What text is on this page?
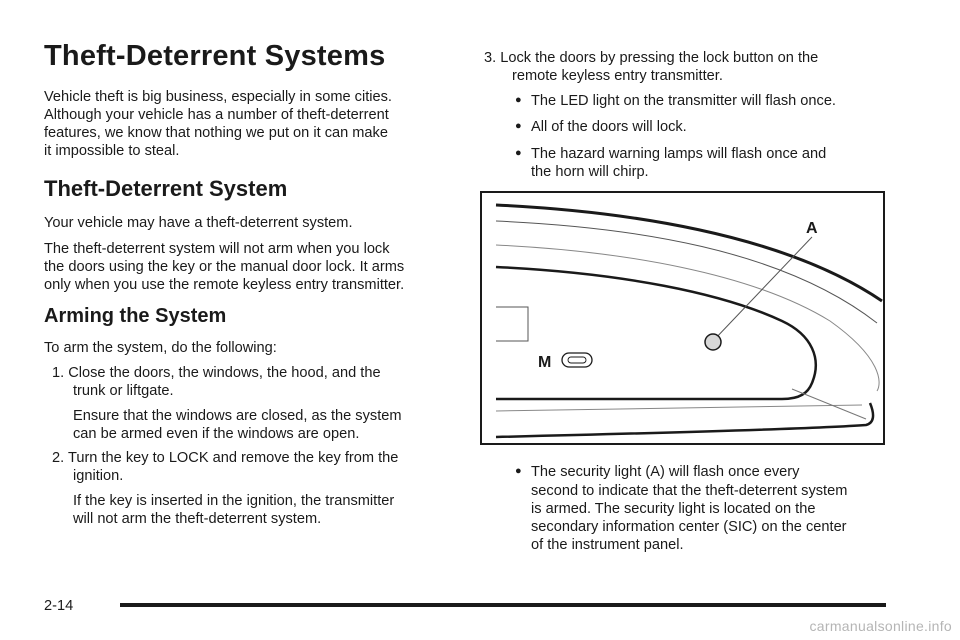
Theft-Deterrent Systems

Vehicle theft is big business, especially in some cities.

Although your vehicle has a number of theft-deterrent

features, we know that nothing we put on it can make

it impossible to steal.

Theft-Deterrent System

Your vehicle may have a theft-deterrent system.

The theft-deterrent system will not arm when you lock

the doors using the key or the manual door lock. It arms

only when you use the remote keyless entry transmitter.

Arming the System

To arm the system, do the following:

1. Close the doors, the windows, the hood, and the

trunk or liftgate.

Ensure that the windows are closed, as the system

can be armed even if the windows are open.

2. Turn the key to LOCK and remove the key from the

ignition.

If the key is inserted in the ignition, the transmitter

will not arm the theft-deterrent system.

3. Lock the doors by pressing the lock button on the

remote keyless entry transmitter.

● The LED light on the transmitter will flash once.
● All of the doors will lock.
● The hazard warning lamps will flash once and

the horn will chirp.

M
A
● The security light (A) will flash once every

second to indicate that the theft-deterrent system

is armed. The security light is located on the

secondary information center (SIC) on the center

of the instrument panel.

2-14
carmanualsonline.info
